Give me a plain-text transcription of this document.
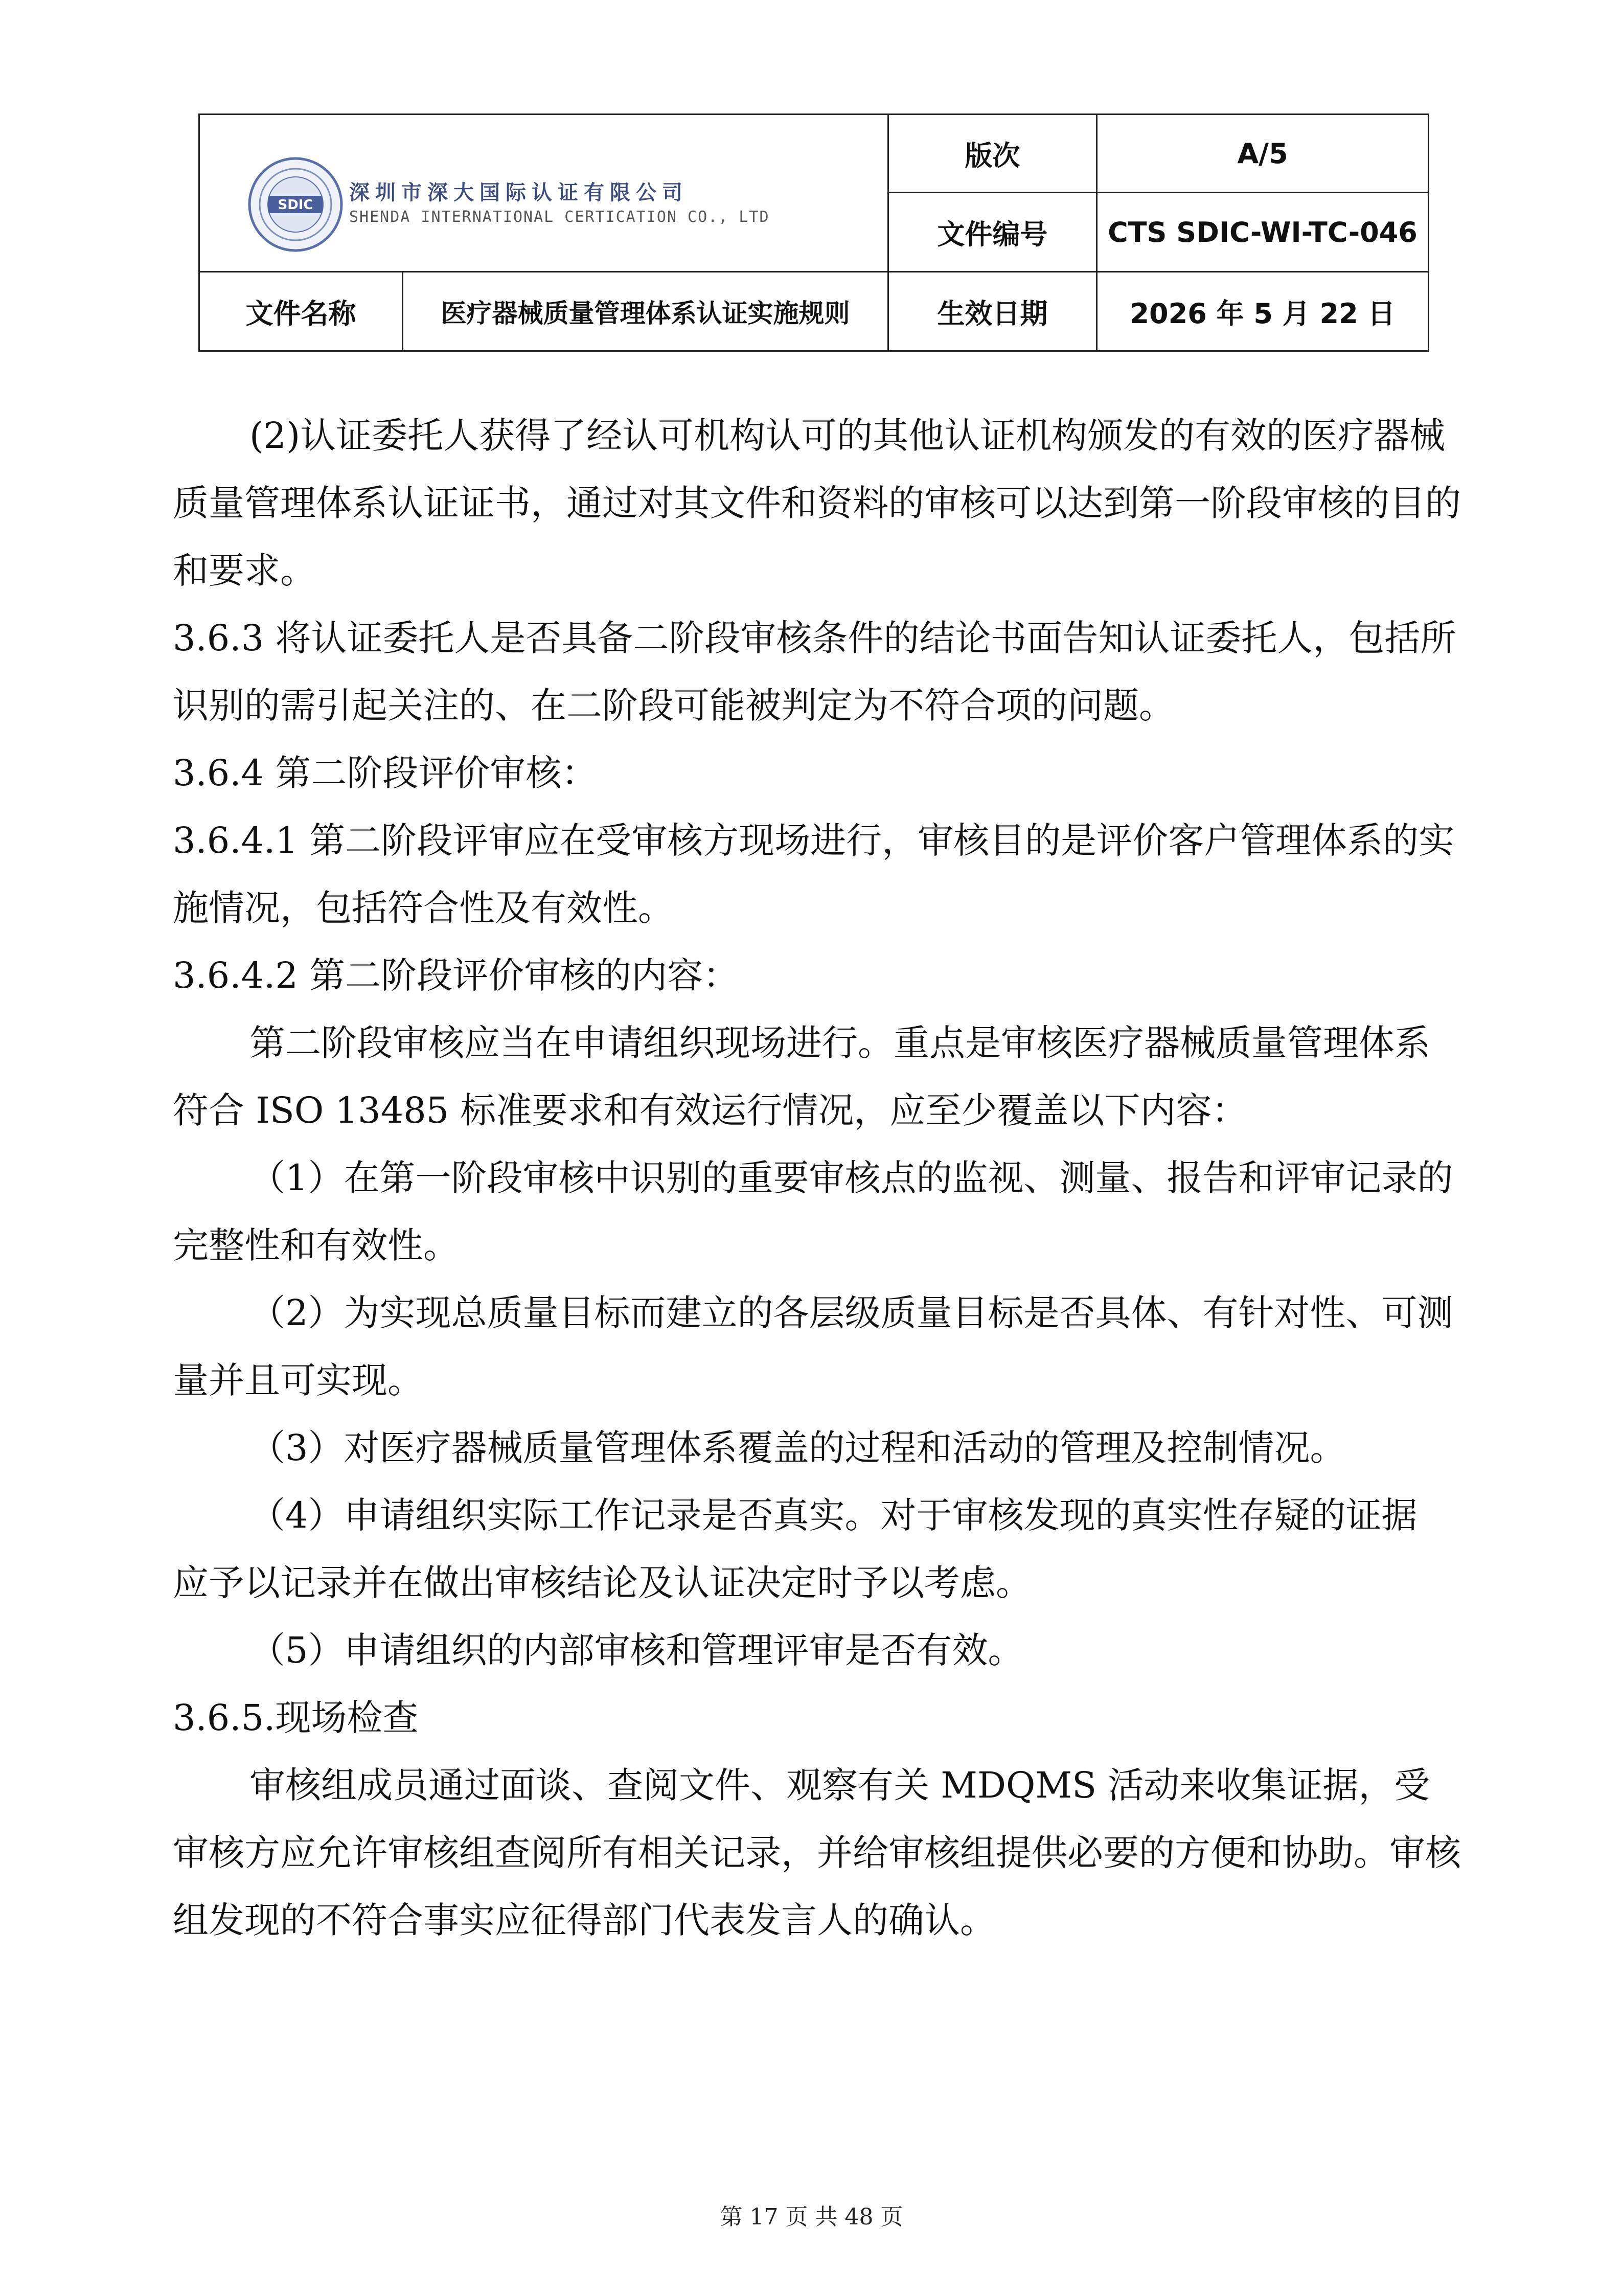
SDIC
深圳市深大国际认证有限公司
SHENDA INTERNATIONAL CERTICATION CO., LTD
版次	A/5
文件编号	CTS SDIC-WI-TC-046
文件名称	医疗器械质量管理体系认证实施规则	生效日期	2026 年 5 月 22 日

(2)认证委托人获得了经认可机构认可的其他认证机构颁发的有效的医疗器械质量管理体系认证证书，通过对其文件和资料的审核可以达到第一阶段审核的目的和要求。

3.6.3 将认证委托人是否具备二阶段审核条件的结论书面告知认证委托人，包括所识别的需引起关注的、在二阶段可能被判定为不符合项的问题。

3.6.4 第二阶段评价审核：

3.6.4.1 第二阶段评审应在受审核方现场进行，审核目的是评价客户管理体系的实施情况，包括符合性及有效性。

3.6.4.2 第二阶段评价审核的内容：

第二阶段审核应当在申请组织现场进行。重点是审核医疗器械质量管理体系符合 ISO 13485 标准要求和有效运行情况，应至少覆盖以下内容：

（1）在第一阶段审核中识别的重要审核点的监视、测量、报告和评审记录的完整性和有效性。

（2）为实现总质量目标而建立的各层级质量目标是否具体、有针对性、可测量并且可实现。

（3）对医疗器械质量管理体系覆盖的过程和活动的管理及控制情况。

（4）申请组织实际工作记录是否真实。对于审核发现的真实性存疑的证据 应予以记录并在做出审核结论及认证决定时予以考虑。

（5）申请组织的内部审核和管理评审是否有效。

3.6.5.现场检查

审核组成员通过面谈、查阅文件、观察有关 MDQMS 活动来收集证据，受审核方应允许审核组查阅所有相关记录，并给审核组提供必要的方便和协助。审核组发现的不符合事实应征得部门代表发言人的确认。

第 17 页 共 48 页
